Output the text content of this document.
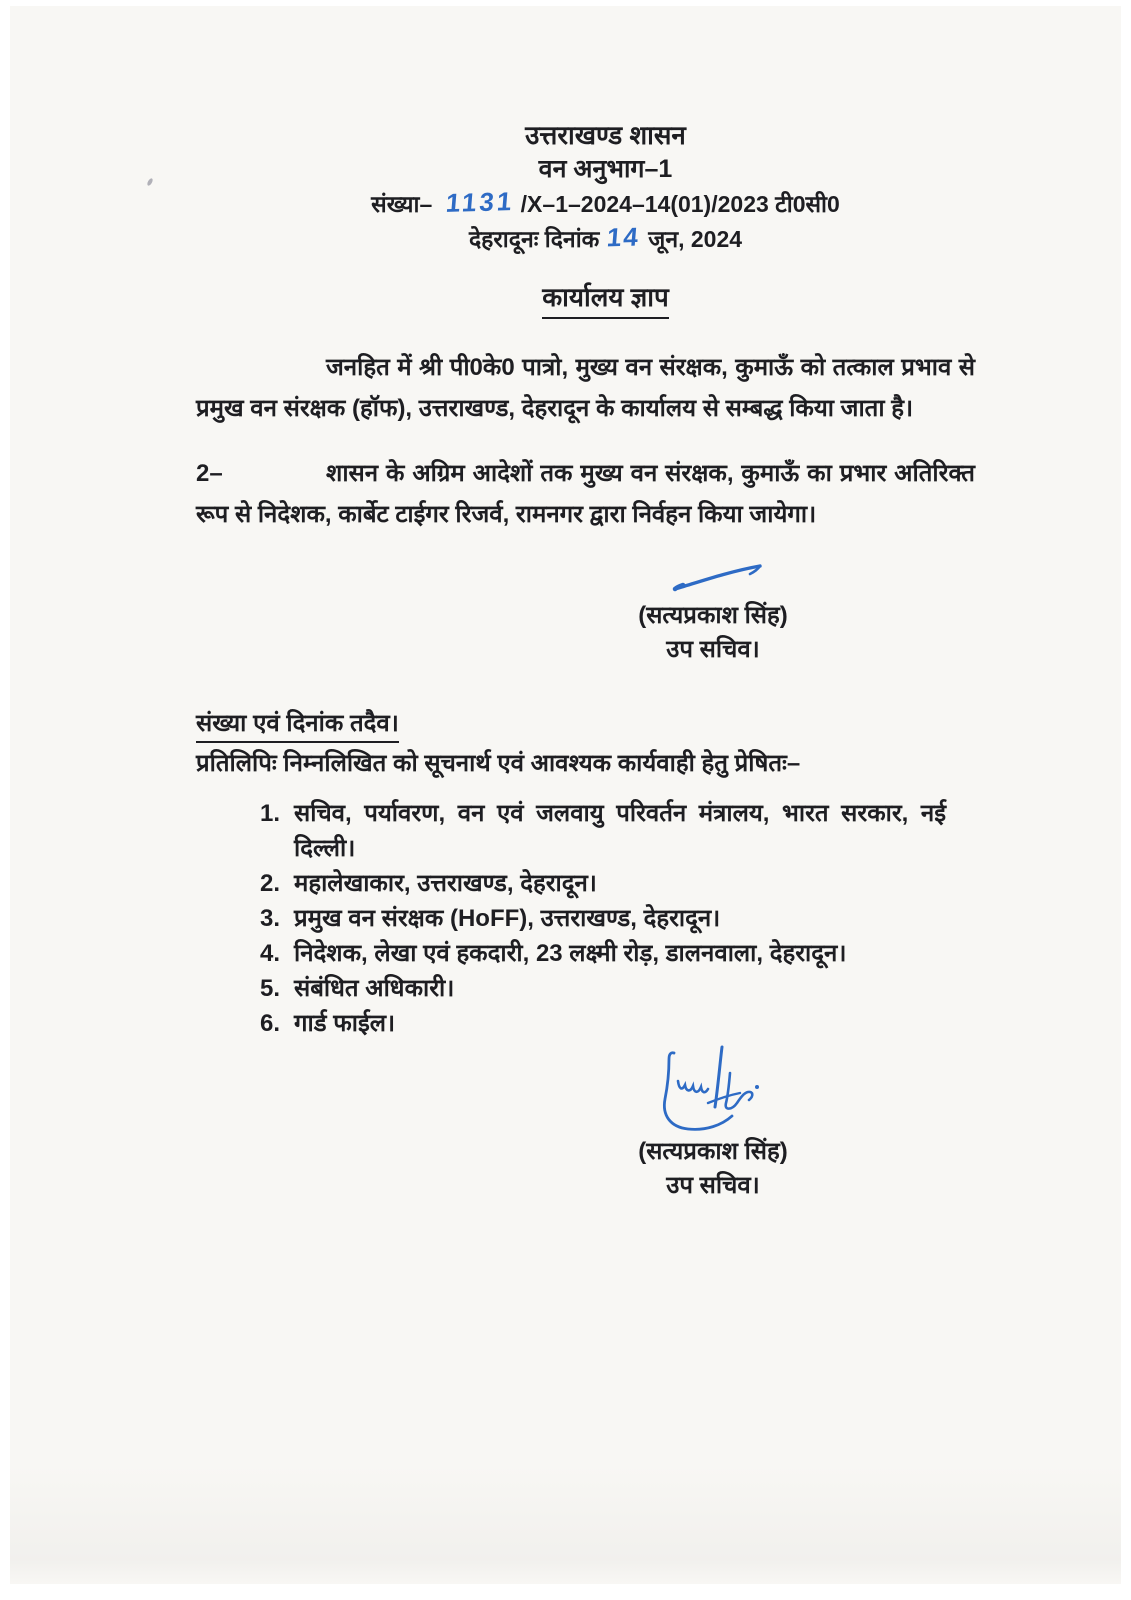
उत्तराखण्ड शासन
वन अनुभाग–1
संख्या– 1131 /X–1–2024–14(01)/2023 टी0सी0
देहरादूनः दिनांक 14 जून, 2024
कार्यालय ज्ञाप

जनहित में श्री पी0के0 पात्रो, मुख्य वन संरक्षक, कुमाऊँ को तत्काल प्रभाव से प्रमुख वन संरक्षक (हॉफ), उत्तराखण्ड, देहरादून के कार्यालय से सम्बद्ध किया जाता है।

2–	शासन के अग्रिम आदेशों तक मुख्य वन संरक्षक, कुमाऊँ का प्रभार अतिरिक्त रूप से निदेशक, कार्बेट टाईगर रिजर्व, रामनगर द्वारा निर्वहन किया जायेगा।

(सत्यप्रकाश सिंह)
उप सचिव।
संख्या एवं दिनांक तदैव।
प्रतिलिपिः निम्नलिखित को सूचनार्थ एवं आवश्यक कार्यवाही हेतु प्रेषितः–
1. सचिव, पर्यावरण, वन एवं जलवायु परिवर्तन मंत्रालय, भारत सरकार, नई दिल्ली।
2. महालेखाकार, उत्तराखण्ड, देहरादून।
3. प्रमुख वन संरक्षक (HoFF), उत्तराखण्ड, देहरादून।
4. निदेशक, लेखा एवं हकदारी, 23 लक्ष्मी रोड़, डालनवाला, देहरादून।
5. संबंधित अधिकारी।
6. गार्ड फाईल।
(सत्यप्रकाश सिंह)
उप सचिव।
